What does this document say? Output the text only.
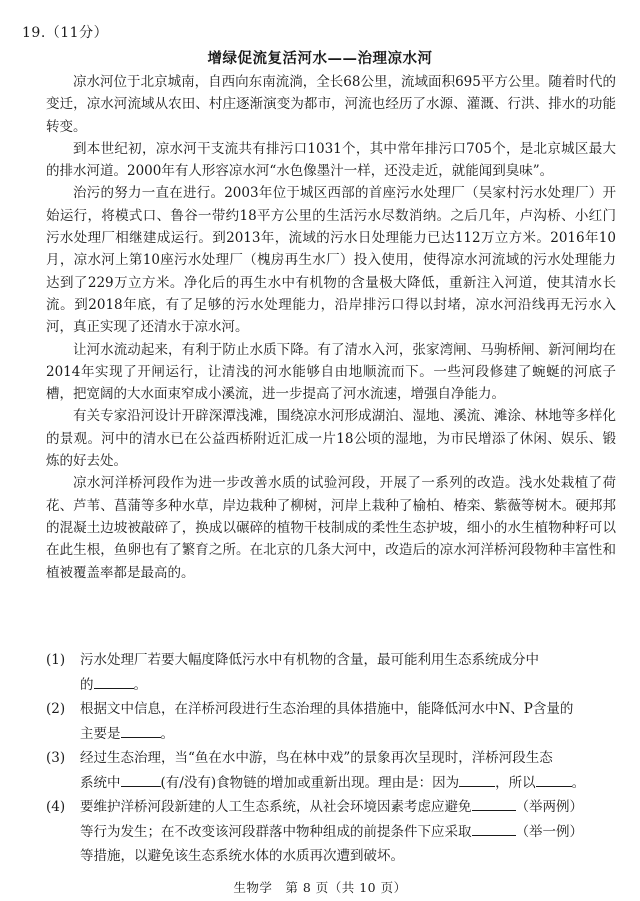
19.（11分）
增绿促流复活河水——治理凉水河

凉水河位于北京城南，自西向东南流淌，全长68公里，流域面积695平方公里。随着时代的变迁，凉水河流域从农田、村庄逐渐演变为都市，河流也经历了水源、灌溉、行洪、排水的功能转变。

到本世纪初，凉水河干支流共有排污口1031个，其中常年排污口705个，是北京城区最大的排水河道。2000年有人形容凉水河“水色像墨汁一样，还没走近，就能闻到臭味”。

治污的努力一直在进行。2003年位于城区西部的首座污水处理厂（吴家村污水处理厂）开始运行，将模式口、鲁谷一带约18平方公里的生活污水尽数消纳。之后几年，卢沟桥、小红门污水处理厂相继建成运行。到2013年，流域的污水日处理能力已达112万立方米。2016年10月，凉水河上第10座污水处理厂（槐房再生水厂）投入使用，使得凉水河流域的污水处理能力达到了229万立方米。净化后的再生水中有机物的含量极大降低，重新注入河道，使其清水长流。到2018年底，有了足够的污水处理能力，沿岸排污口得以封堵，凉水河沿线再无污水入河，真正实现了还清水于凉水河。

让河水流动起来，有利于防止水质下降。有了清水入河，张家湾闸、马驹桥闸、新河闸均在2014年实现了开闸运行，让清浅的河水能够自由地顺流而下。一些河段修建了蜿蜒的河底子槽，把宽阔的大水面束窄成小溪流，进一步提高了河水流速，增强自净能力。

有关专家沿河设计开辟深潭浅滩，围绕凉水河形成湖泊、湿地、溪流、滩涂、林地等多样化的景观。河中的清水已在公益西桥附近汇成一片18公顷的湿地，为市民增添了休闲、娱乐、锻炼的好去处。

凉水河洋桥河段作为进一步改善水质的试验河段，开展了一系列的改造。浅水处栽植了荷花、芦苇、菖蒲等多种水草，岸边栽种了柳树，河岸上栽种了榆柏、椿栾、紫薇等树木。硬邦邦的混凝土边坡被敲碎了，换成以碾碎的植物干枝制成的柔性生态护坡，细小的水生植物种籽可以在此生根，鱼卵也有了繁育之所。在北京的几条大河中，改造后的凉水河洋桥河段物种丰富性和植被覆盖率都是最高的。

(1) 污水处理厂若要大幅度降低污水中有机物的含量，最可能利用生态系统成分中
的	。
(2) 根据文中信息，在洋桥河段进行生态治理的具体措施中，能降低河水中N、P含量的
主要是	。
(3) 经过生态治理，当“鱼在水中游，鸟在林中戏”的景象再次呈现时，洋桥河段生态
系统中	(有/没有)食物链的增加或重新出现。理由是：因为	，所以	。
(4) 要维护洋桥河段新建的人工生态系统，从社会环境因素考虑应避免	（举两例）
等行为发生；在不改变该河段群落中物种组成的前提条件下应采取	（举一例）
等措施，以避免该生态系统水体的水质再次遭到破坏。
生物学　第 8 页（共 10 页）
